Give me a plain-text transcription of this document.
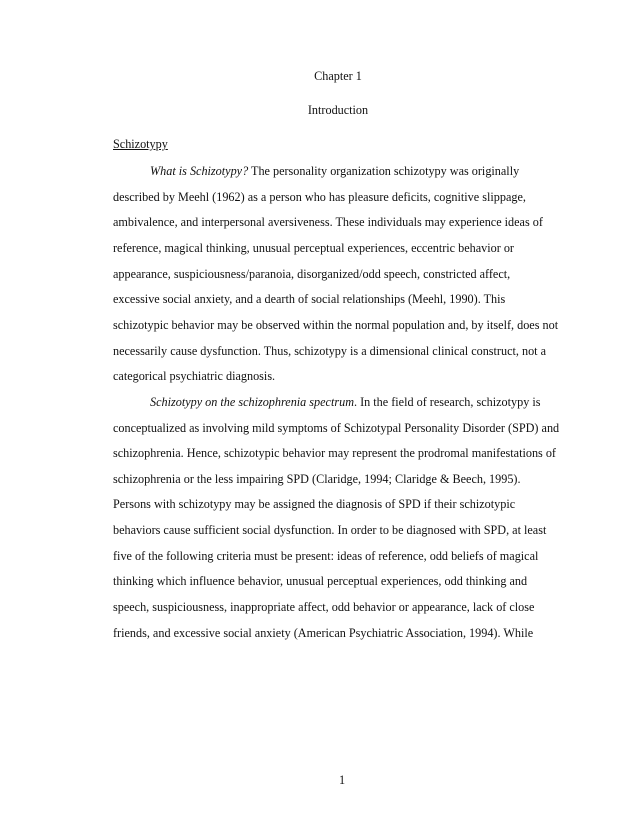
Chapter 1
Introduction
Schizotypy
What is Schizotypy? The personality organization schizotypy was originally
described by Meehl (1962) as a person who has pleasure deficits, cognitive slippage,
ambivalence, and interpersonal aversiveness. These individuals may experience ideas of
reference, magical thinking, unusual perceptual experiences, eccentric behavior or
appearance, suspiciousness/paranoia, disorganized/odd speech, constricted affect,
excessive social anxiety, and a dearth of social relationships (Meehl, 1990). This
schizotypic behavior may be observed within the normal population and, by itself, does not
necessarily cause dysfunction. Thus, schizotypy is a dimensional clinical construct, not a
categorical psychiatric diagnosis.
Schizotypy on the schizophrenia spectrum. In the field of research, schizotypy is
conceptualized as involving mild symptoms of Schizotypal Personality Disorder (SPD) and
schizophrenia. Hence, schizotypic behavior may represent the prodromal manifestations of
schizophrenia or the less impairing SPD (Claridge, 1994; Claridge & Beech, 1995).
Persons with schizotypy may be assigned the diagnosis of SPD if their schizotypic
behaviors cause sufficient social dysfunction. In order to be diagnosed with SPD, at least
five of the following criteria must be present: ideas of reference, odd beliefs of magical
thinking which influence behavior, unusual perceptual experiences, odd thinking and
speech, suspiciousness, inappropriate affect, odd behavior or appearance, lack of close
friends, and excessive social anxiety (American Psychiatric Association, 1994). While
1
